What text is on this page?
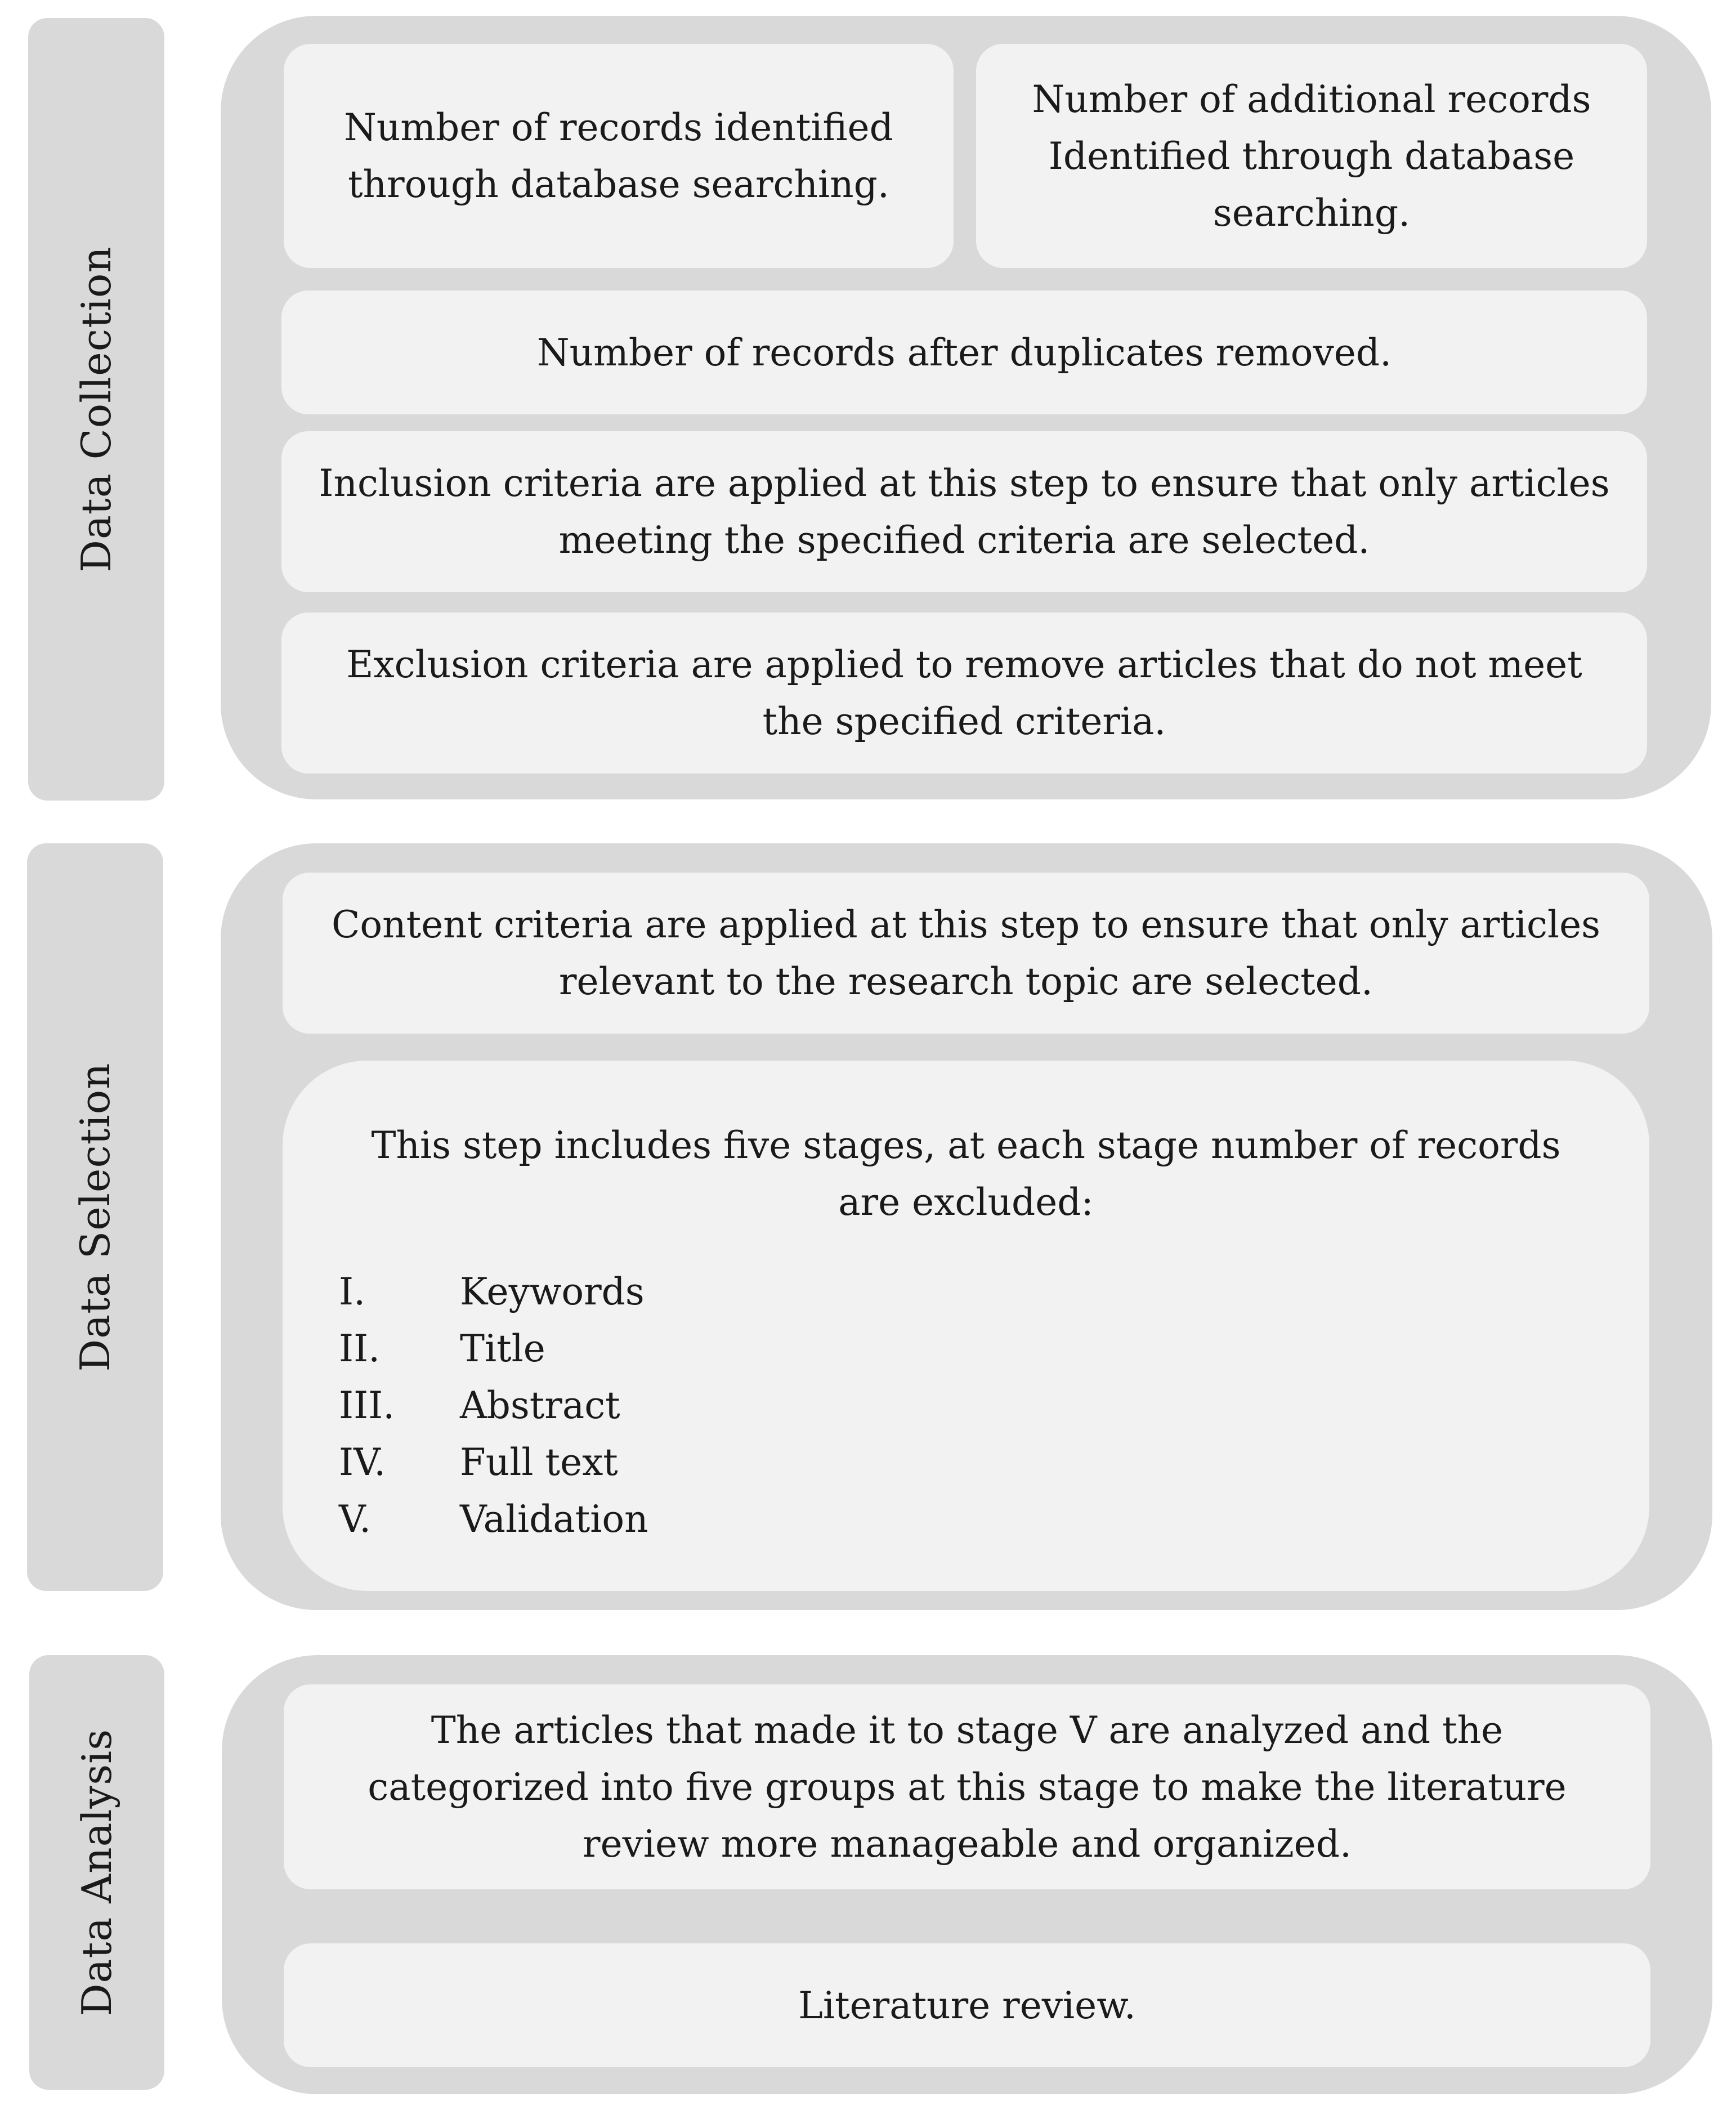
Data Collection
Number of records identified through database searching.
Number of additional records Identified through database searching.
Number of records after duplicates removed.
Inclusion criteria are applied at this step to ensure that only articles meeting the specified criteria are selected.
Exclusion criteria are applied to remove articles that do not meet the specified criteria.
Data Selection
Content criteria are applied at this step to ensure that only articles relevant to the research topic are selected.
This step includes five stages, at each stage number of records are excluded:
I.	Keywords
II.	Title
III.	Abstract
IV.	Full text
V.	Validation
Data Analysis	The articles that made it to stage V are analyzed and the categorized into five groups at this stage to make the literature review more manageable and organized.
Literature review.
